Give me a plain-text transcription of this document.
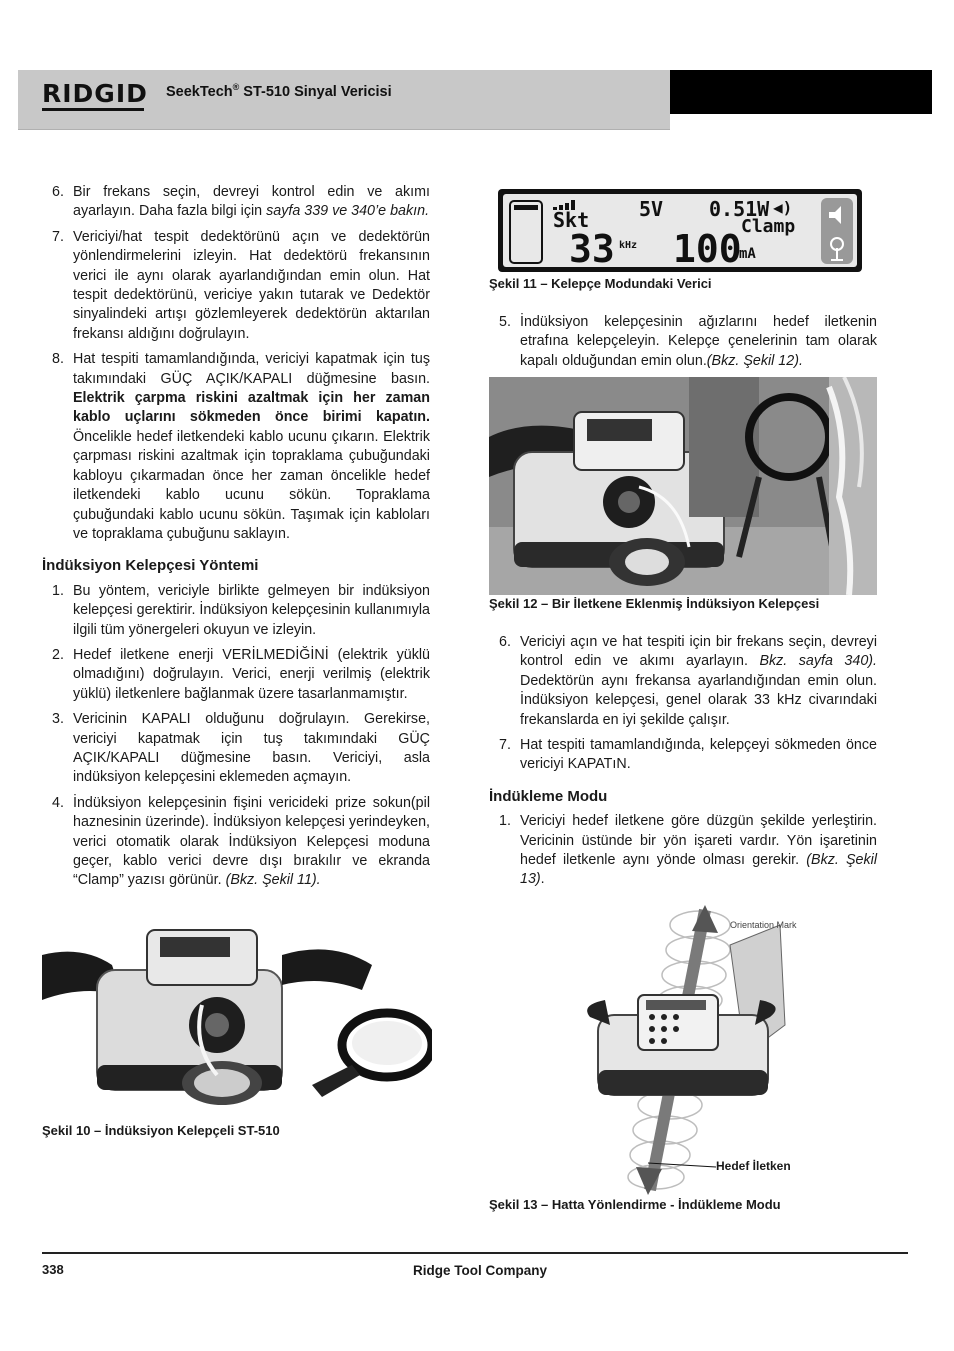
RIDGID SeekTech® ST-510 Sinyal Vericisi
6. Bir frekans seçin, devreyi kontrol edin ve akımı ayarlayın. Daha fazla bilgi için sayfa 339 ve 340’e bakın.
7. Vericiyi/hat tespit dedektörünü açın ve dedektörün yönlendirmelerini izleyin. Hat dedektörü frekansının verici ile aynı olarak ayarlandığından emin olun. Hat tespit dedektörünü, vericiye yakın tutarak ve Dedektör sinyalindeki artışı gözlemleyerek dedektörün aktarılan frekansı aldığını doğrulayın.
8. Hat tespiti tamamlandığında, vericiyi kapatmak için tuş takımındaki GÜÇ AÇIK/KAPALI düğmesine basın. Elektrik çarpma riskini azaltmak için her zaman kablo uçlarını sökmeden önce birimi kapatın. Öncelikle hedef iletkendeki kablo ucunu çıkarın. Elektrik çarpması riskini azaltmak için topraklama çubuğundaki kabloyu çıkarmadan önce her zaman öncelikle hedef iletkendeki kablo ucunu sökün. Topraklama çubuğundaki kablo ucunu sökün. Taşımak için kabloları ve topraklama çubuğunu saklayın.
İndüksiyon Kelepçesi Yöntemi
1. Bu yöntem, vericiyle birlikte gelmeyen bir indüksiyon kelepçesi gerektirir. İndüksiyon kelepçesinin kullanımıyla ilgili tüm yönergeleri okuyun ve izleyin.
2. Hedef iletkene enerji VERİLMEDİĞİNİ (elektrik yüklü olmadığını) doğrulayın. Verici, enerji verilmiş (elektrik yüklü) iletkenlere bağlanmak üzere tasarlanmamıştır.
3. Vericinin KAPALI olduğunu doğrulayın. Gerekirse, vericiyi kapatmak için tuş takımındaki GÜÇ AÇIK/KAPALI düğmesine basın. Vericiyi, asla indüksiyon kelepçesini eklemeden açmayın.
4. İndüksiyon kelepçesinin fişini vericideki prize sokun(pil haznesinin üzerinde). İndüksiyon kelepçesi yerindeyken, verici otomatik olarak İndüksiyon Kelepçesi moduna geçer, kablo verici devre dışı bırakılır ve ekranda “Clamp” yazısı görünür. (Bkz. Şekil 11).
Şekil 10 – İndüksiyon Kelepçeli ST-510
Skt 5V 0.51W ◀)
Clamp
33 kHz 100
mA
Şekil 11 – Kelepçe Modundaki Verici
5. İndüksiyon kelepçesinin ağızlarını hedef iletkenin etrafına kelepçeleyin. Kelepçe çenelerinin tam olarak kapalı olduğundan emin olun.(Bkz. Şekil 12).
Şekil 12 – Bir İletkene Eklenmiş İndüksiyon Kelepçesi
6. Vericiyi açın ve hat tespiti için bir frekans seçin, devreyi kontrol edin ve akımı ayarlayın. Bkz. sayfa 340). Dedektörün aynı frekansa ayarlandığından emin olun. İndüksiyon kelepçesi, genel olarak 33 kHz civarındaki frekanslarda en iyi şekilde çalışır.
7. Hat tespiti tamamlandığında, kelepçeyi sökmeden önce vericiyi KAPATıN.
İndükleme Modu
1. Vericiyi hedef iletkene göre düzgün şekilde yerleştirin. Vericinin üstünde bir yön işareti vardır. Yön işaretinin hedef iletkenle aynı yönde olması gerekir. (Bkz. Şekil 13).
Orientation Mark
Hedef İletken
Şekil 13 – Hatta Yönlendirme - İndükleme Modu
338	Ridge Tool Company
